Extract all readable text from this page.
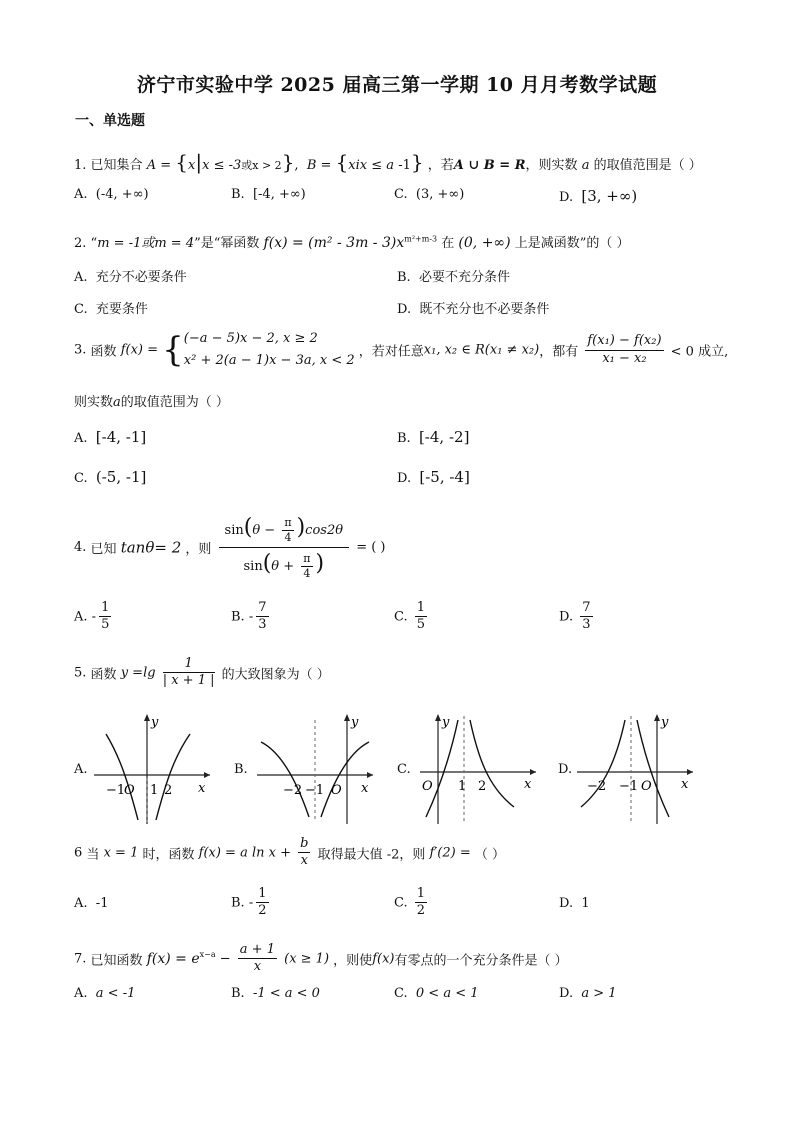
济宁市实验中学 2025 届高三第一学期 10 月月考数学试题
一、单选题
1. 已知集合 A = {x|x ≤ -3或x > 2},  B = {xix ≤ a -1} ，若A ∪ B = R，则实数 a 的取值范围是（ ）
A. (-4, +∞)	B. [-4, +∞)	C. (3, +∞)	D. [3, +∞)
2. “m = -1或m = 4”是“幂函数 $f(x) = (m^2 - 3m - 3)x^{m^2+m-3}$ 在 (0, +∞) 上是减函数”的（ ）
A. 充分不必要条件	B. 必要不充分条件
C. 充要条件	D. 既不充分也不必要条件
3. 函数 f(x) = { (−a − 5)x − 2, x ≥ 2
x² + 2(a − 1)x − 3a, x < 2
，若对任意x₁, x₂ ∈ R(x₁ ≠ x₂)，都有 $\frac{\text{f(x₁) − f(x₂)}}{\text{x₁ − x₂}} < 0$ 成立,
则实数a的取值范围为（ ）
A. [-4, -1]	B. [-4, -2]
C. (-5, -1]	D. [-5, -4]
4. 已知 tanθ= 2 ，则 $\frac{\sin(\theta - \frac{\pi}{4} )\cos 2\theta}{\sin(\theta + \frac{\pi}{4} )}$ = ( )
A. - $\frac{1}{5}$	B. - $\frac{7}{3}$	C. $\frac{1}{5}$	D. $\frac{7}{3}$
5. 函数 $y =\lg \frac{1}{| x + 1 |}$ 的大致图象为（ ）
A.	B.	C.	D.
−1
O 1 2 x
y
−2 −1 O x
y
O 1 2	x
y
−2 −1 O x
y
6 当 x = 1 时，函数 f(x) = a $\ln x + \frac{b}{x}$ 取得最大值 -2，则 f′(2) = （ ）
A. -1	B. - $\frac{1}{2}$	C. $\frac{1}{2}$	D. 1
7. 已知函数 $f(x) = e^{x-a} - \frac{a + 1}{x} (x \ge 1)$ ，则使f(x)有零点的一个充分条件是（ ）
A. a < -1	B. -1 < a < 0	C. 0 < a < 1	D. a > 1
